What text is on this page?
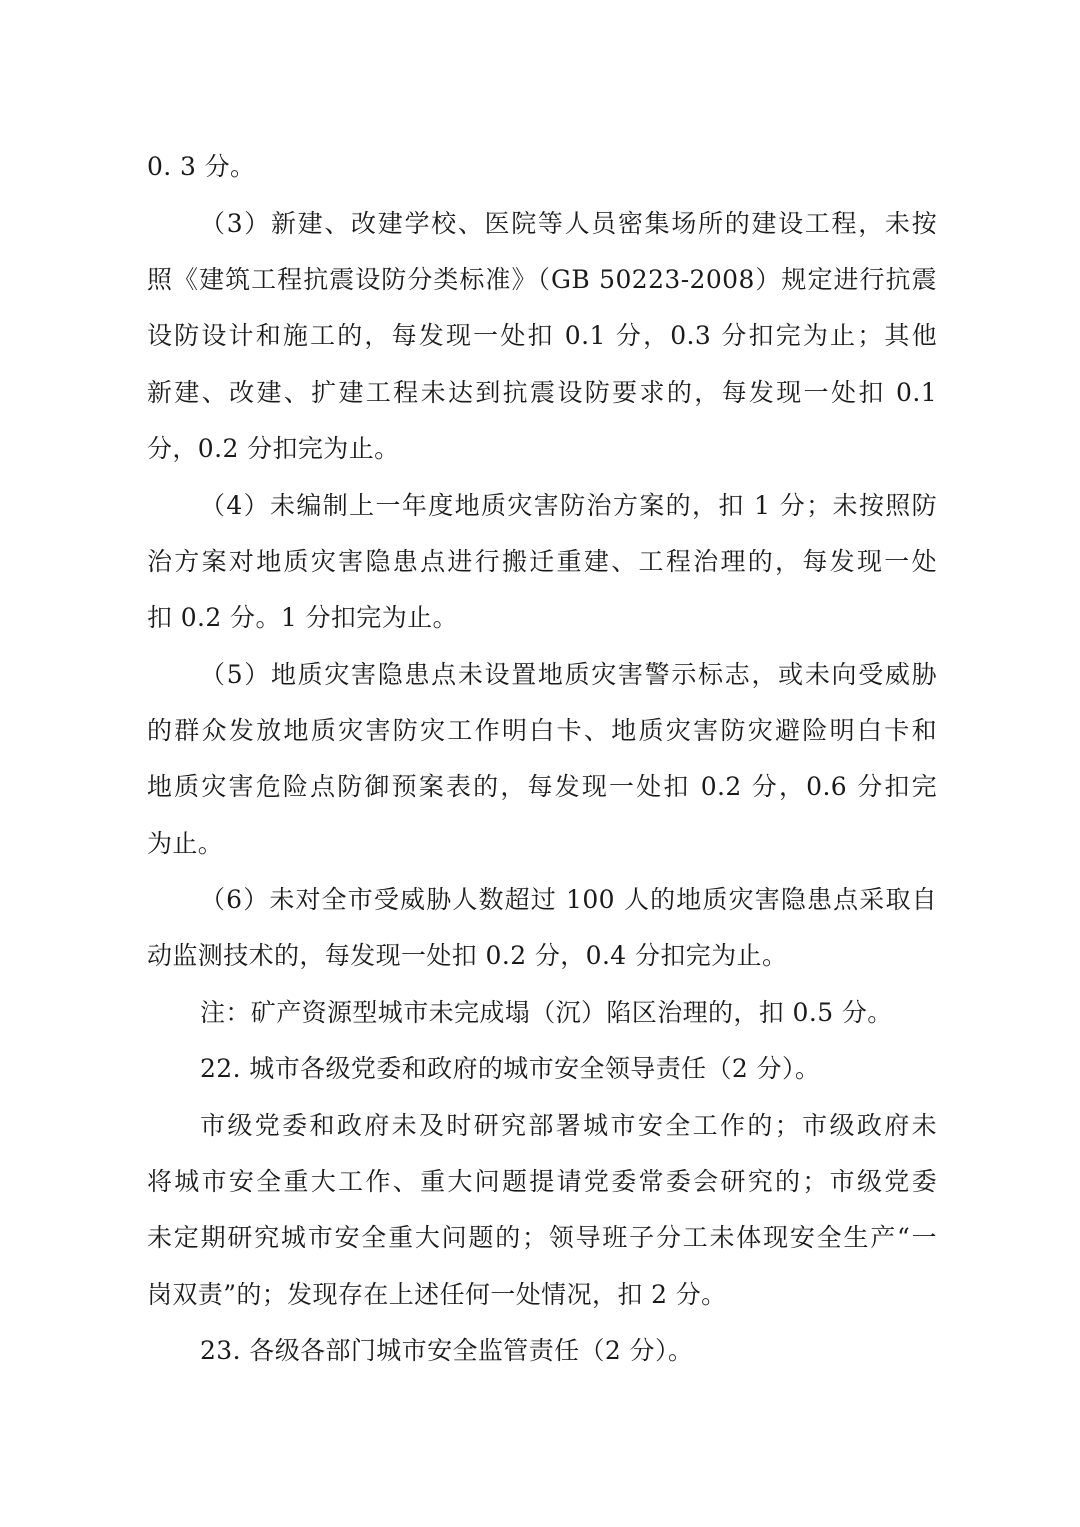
0. 3 分。
（3）新建、改建学校、医院等人员密集场所的建设工程，未按
照《建筑工程抗震设防分类标准》（GB 50223-2008）规定进行抗震
设防设计和施工的，每发现一处扣 0.1 分，0.3 分扣完为止；其他
新建、改建、扩建工程未达到抗震设防要求的，每发现一处扣 0.1
分，0.2 分扣完为止。
（4）未编制上一年度地质灾害防治方案的，扣 1 分；未按照防
治方案对地质灾害隐患点进行搬迁重建、工程治理的，每发现一处
扣 0.2 分。1 分扣完为止。
（5）地质灾害隐患点未设置地质灾害警示标志，或未向受威胁
的群众发放地质灾害防灾工作明白卡、地质灾害防灾避险明白卡和
地质灾害危险点防御预案表的，每发现一处扣 0.2 分，0.6 分扣完
为止。
（6）未对全市受威胁人数超过 100 人的地质灾害隐患点采取自
动监测技术的，每发现一处扣 0.2 分，0.4 分扣完为止。
注：矿产资源型城市未完成塌（沉）陷区治理的，扣 0.5 分。
22. 城市各级党委和政府的城市安全领导责任（2 分）。
市级党委和政府未及时研究部署城市安全工作的；市级政府未
将城市安全重大工作、重大问题提请党委常委会研究的；市级党委
未定期研究城市安全重大问题的；领导班子分工未体现安全生产“一
岗双责”的；发现存在上述任何一处情况，扣 2 分。
23. 各级各部门城市安全监管责任（2 分）。
